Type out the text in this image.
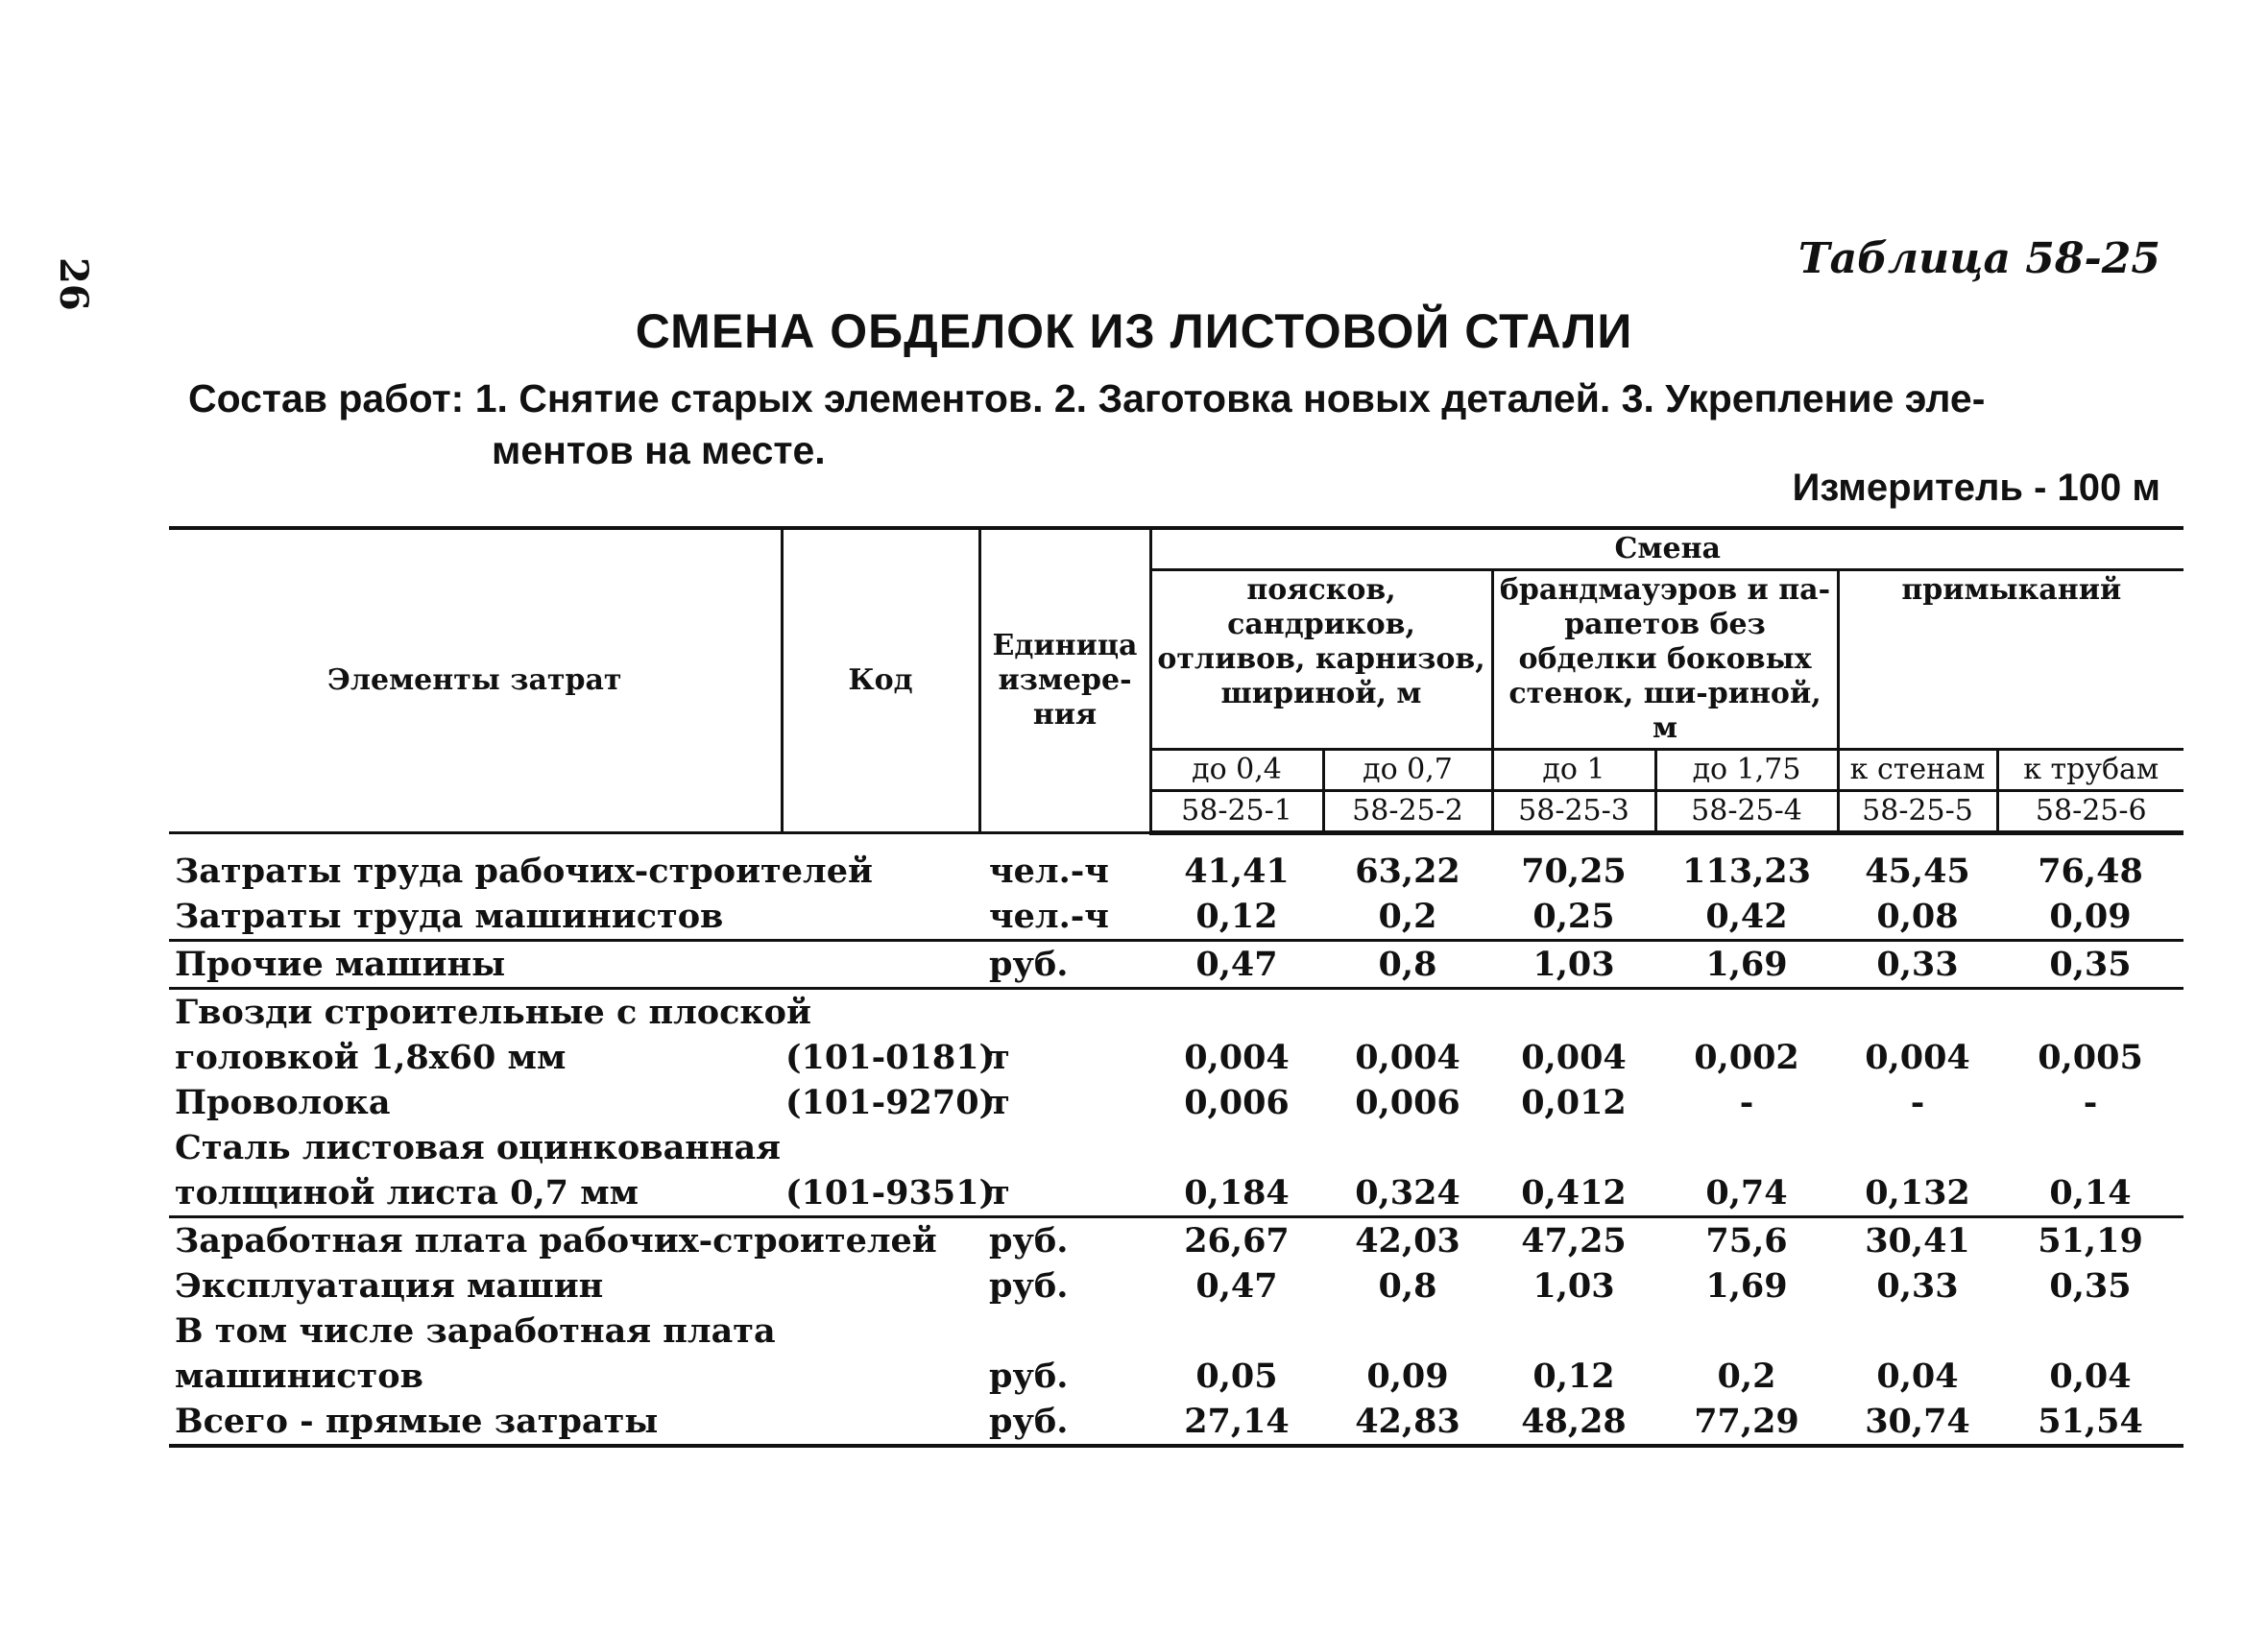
26	Таблица 58-25
СМЕНА ОБДЕЛОК ИЗ ЛИСТОВОЙ СТАЛИ
Состав работ: 1. Снятие старых элементов. 2. Заготовка новых деталей. 3. Укрепление эле-
ментов на месте.
Измеритель - 100 м
Элементы затрат	Код	Единица измере-ния	Смена					
			поясков, сандриков, отливов, карнизов, шириной, м		брандмауэров и па-рапетов без обделки боковых стенок, ши-риной, м		примыканий	
			до 0,4	до 0,7	до 1	до 1,75	к стенам	к трубам
			58-25-1	58-25-2	58-25-3	58-25-4	58-25-5	58-25-6
Затраты труда рабочих-строителей		чел.-ч	41,41	63,22	70,25	113,23	45,45	76,48
Затраты труда машинистов		чел.-ч	0,12	0,2	0,25	0,42	0,08	0,09
Прочие машины		руб.	0,47	0,8	1,03	1,69	0,33	0,35
Гвозди строительные с плоской								
головкой 1,8х60 мм	(101-0181)	т	0,004	0,004	0,004	0,002	0,004	0,005
Проволока	(101-9270)	т	0,006	0,006	0,012	-	-	-
Сталь листовая оцинкованная								
толщиной листа 0,7 мм	(101-9351)	т	0,184	0,324	0,412	0,74	0,132	0,14
Заработная плата рабочих-строителей		руб.	26,67	42,03	47,25	75,6	30,41	51,19
Эксплуатация машин		руб.	0,47	0,8	1,03	1,69	0,33	0,35
В том числе заработная плата								
машинистов		руб.	0,05	0,09	0,12	0,2	0,04	0,04
Всего - прямые затраты		руб.	27,14	42,83	48,28	77,29	30,74	51,54
